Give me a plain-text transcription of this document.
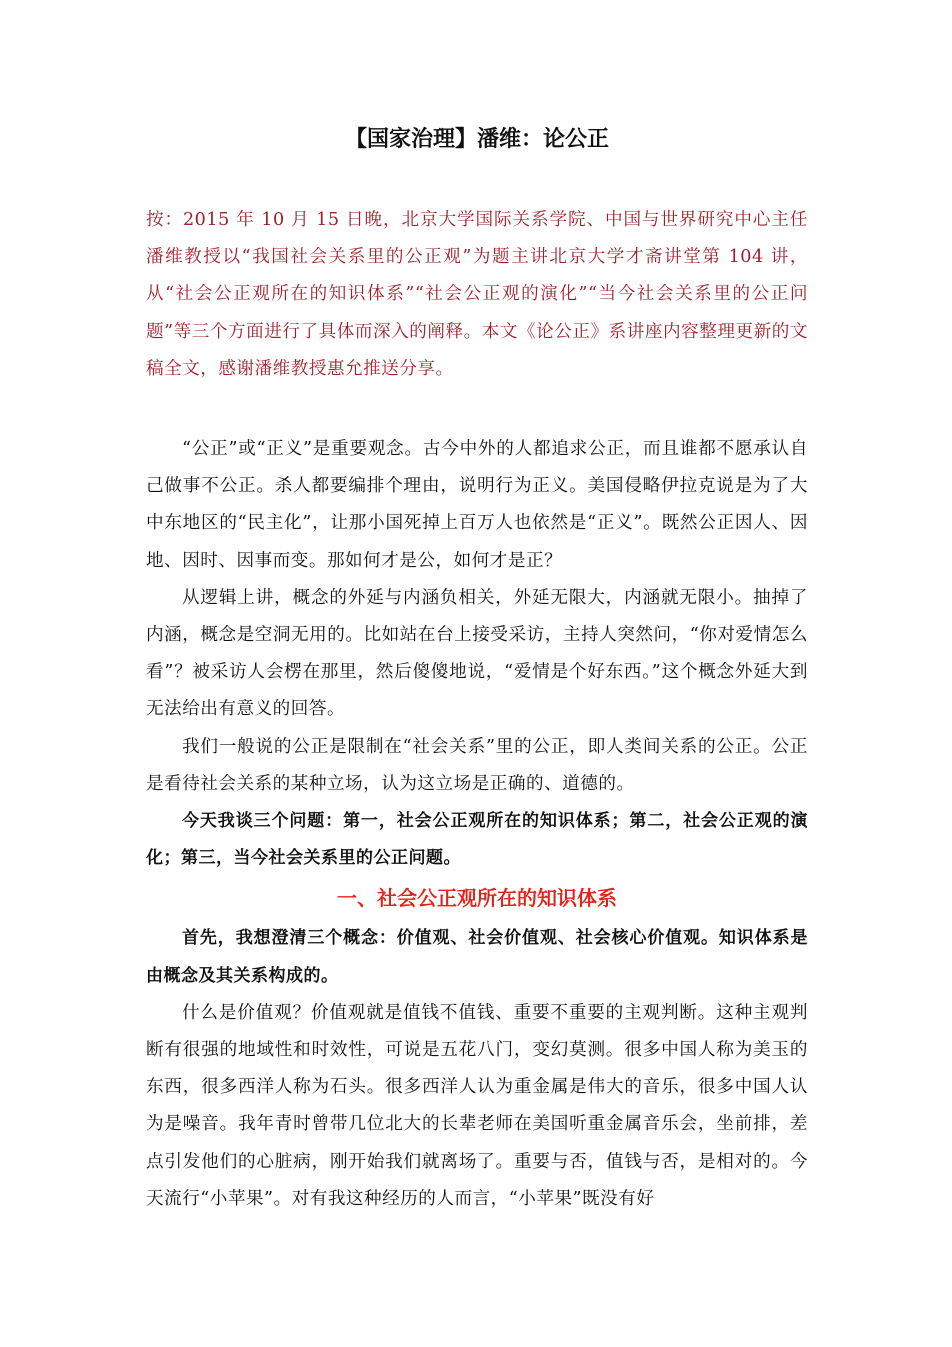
【国家治理】潘维：论公正

按：2015 年 10 月 15 日晚，北京大学国际关系学院、中国与世界研究中心主任潘维教授以“我国社会关系里的公正观”为题主讲北京大学才斋讲堂第 104 讲，从“社会公正观所在的知识体系”“社会公正观的演化”“当今社会关系里的公正问题”等三个方面进行了具体而深入的阐释。本文《论公正》系讲座内容整理更新的文稿全文，感谢潘维教授惠允推送分享。

“公正”或“正义”是重要观念。古今中外的人都追求公正，而且谁都不愿承认自己做事不公正。杀人都要编排个理由，说明行为正义。美国侵略伊拉克说是为了大中东地区的“民主化”，让那小国死掉上百万人也依然是“正义”。既然公正因人、因地、因时、因事而变。那如何才是公，如何才是正？

从逻辑上讲，概念的外延与内涵负相关，外延无限大，内涵就无限小。抽掉了内涵，概念是空洞无用的。比如站在台上接受采访，主持人突然问，“你对爱情怎么看”？被采访人会楞在那里，然后傻傻地说，“爱情是个好东西。”这个概念外延大到无法给出有意义的回答。

我们一般说的公正是限制在“社会关系”里的公正，即人类间关系的公正。公正是看待社会关系的某种立场，认为这立场是正确的、道德的。

今天我谈三个问题：第一，社会公正观所在的知识体系；第二，社会公正观的演化；第三，当今社会关系里的公正问题。

一、社会公正观所在的知识体系

首先，我想澄清三个概念：价值观、社会价值观、社会核心价值观。知识体系是由概念及其关系构成的。

什么是价值观？价值观就是值钱不值钱、重要不重要的主观判断。这种主观判断有很强的地域性和时效性，可说是五花八门，变幻莫测。很多中国人称为美玉的东西，很多西洋人称为石头。很多西洋人认为重金属是伟大的音乐，很多中国人认为是噪音。我年青时曾带几位北大的长辈老师在美国听重金属音乐会，坐前排，差点引发他们的心脏病，刚开始我们就离场了。重要与否，值钱与否，是相对的。今天流行“小苹果”。对有我这种经历的人而言，“小苹果”既没有好
